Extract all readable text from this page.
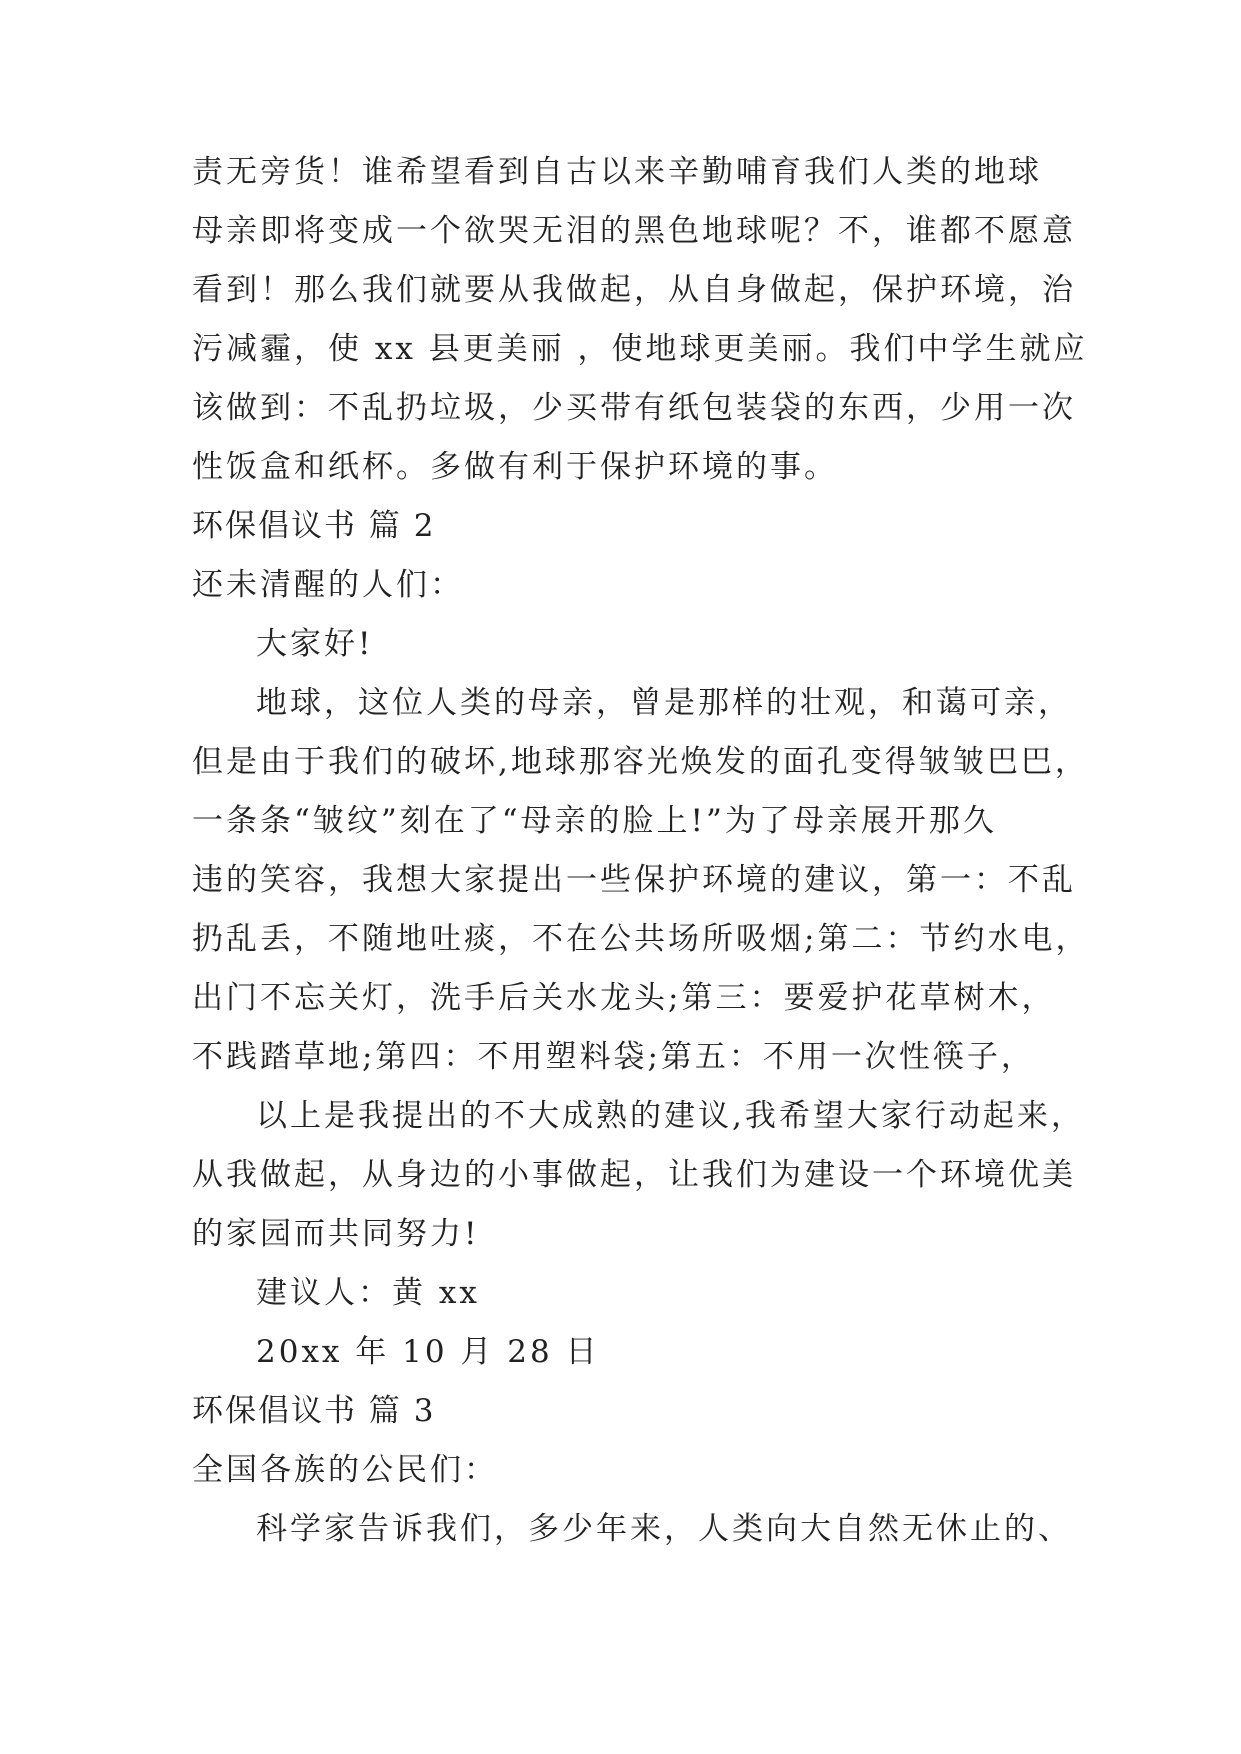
责无旁货！谁希望看到自古以来辛勤哺育我们人类的地球
母亲即将变成一个欲哭无泪的黑色地球呢？不，谁都不愿意
看到！那么我们就要从我做起，从自身做起，保护环境，治
污减霾，使 xx 县更美丽 ，使地球更美丽。我们中学生就应
该做到：不乱扔垃圾，少买带有纸包装袋的东西，少用一次
性饭盒和纸杯。多做有利于保护环境的事。
环保倡议书 篇 2
还未清醒的人们：
大家好!
地球，这位人类的母亲，曾是那样的壮观，和蔼可亲，
但是由于我们的破坏,地球那容光焕发的面孔变得皱皱巴巴，
一条条“皱纹”刻在了“母亲的脸上!”为了母亲展开那久
违的笑容，我想大家提出一些保护环境的建议，第一：不乱
扔乱丢，不随地吐痰，不在公共场所吸烟;第二：节约水电，
出门不忘关灯，洗手后关水龙头;第三：要爱护花草树木，
不践踏草地;第四：不用塑料袋;第五：不用一次性筷子，
以上是我提出的不大成熟的建议,我希望大家行动起来，
从我做起，从身边的小事做起，让我们为建设一个环境优美
的家园而共同努力!
建议人：黄 xx
20xx 年 10 月 28 日
环保倡议书 篇 3
全国各族的公民们：
科学家告诉我们，多少年来，人类向大自然无休止的、
